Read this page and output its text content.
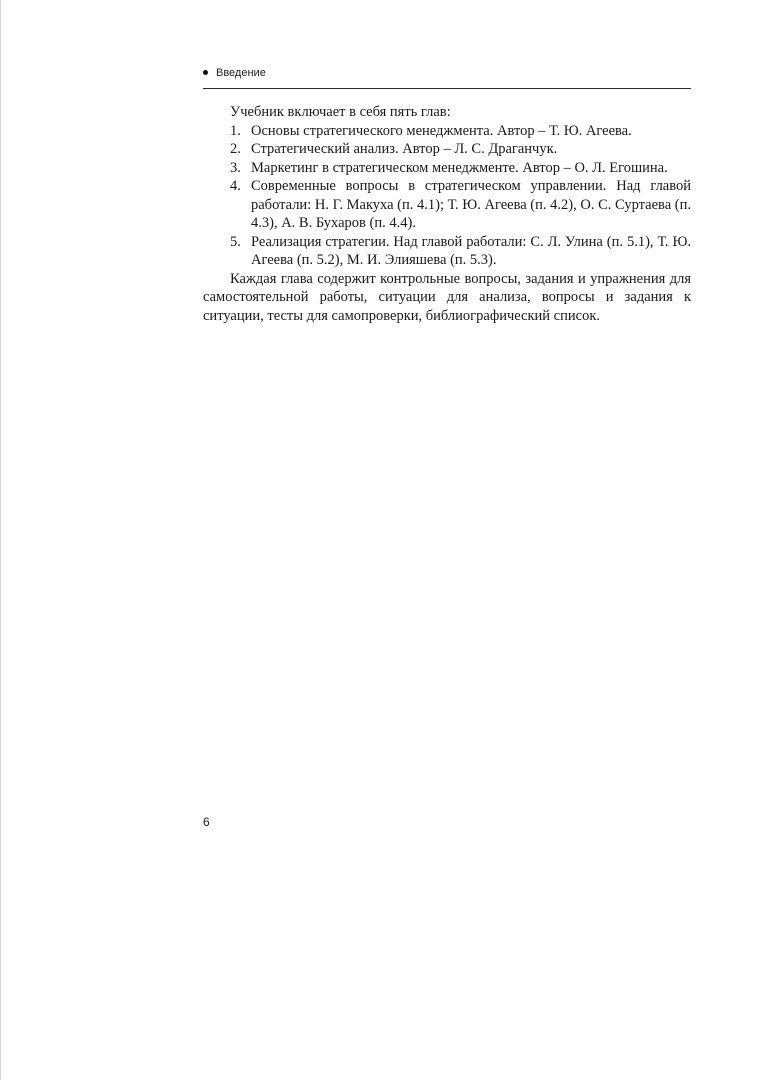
Введение

Учебник включает в себя пять глав:

1. Основы стратегического менеджмента. Автор – Т. Ю. Агеева.
2. Стратегический анализ. Автор – Л. С. Драганчук.
3. Маркетинг в стратегическом менеджменте. Автор – О. Л. Егошина.
4. Современные вопросы в стратегическом управлении. Над главой работали: Н. Г. Макуха (п. 4.1); Т. Ю. Агеева (п. 4.2), О. С. Суртаева (п. 4.3), А. В. Бухаров (п. 4.4).
5. Реализация стратегии. Над главой работали: С. Л. Улина (п. 5.1), Т. Ю. Агеева (п. 5.2), М. И. Элияшева (п. 5.3).

Каждая глава содержит контрольные вопросы, задания и упражнения для самостоятельной работы, ситуации для анализа, вопросы и задания к ситуации, тесты для самопроверки, библиографический список.

6
